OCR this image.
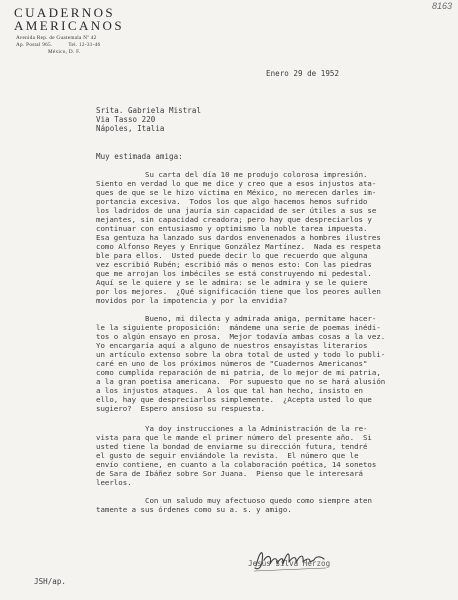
8163
CUADERNOS
AMERICANOS
Avenida Rep. de Guatemala Nº 42
Ap. Postal 965.	Tel. 12-31-46
México, D. F.
Enero 29 de 1952
Srita. Gabriela Mistral
Via Tasso 220
Nápoles, Italia
Muy estimada amiga:
Su carta del día 10 me produjo colorosa impresión.
Siento en verdad lo que me dice y creo que a esos injustos ata-
ques de que se le hizo víctima en México, no merecen darles im-
portancia excesiva.  Todos los que algo hacemos hemos sufrido
los ladridos de una jauría sin capacidad de ser útiles a sus se
mejantes, sin capacidad creadora; pero hay que despreciarlos y
continuar con entusiasmo y optimismo la noble tarea impuesta.
Esa gentuza ha lanzado sus dardos envenenados a hombres ilustres
como Alfonso Reyes y Enrique González Martínez.  Nada es respeta
ble para ellos.  Usted puede decir lo que recuerdo que alguna
vez escribió Rubén; escribió más o menos esto: Con las piedras
que me arrojan los imbéciles se está construyendo mi pedestal.
Aquí se le quiere y se le admira: se le admira y se le quiere
por los mejores.  ¿Qué significación tiene que los peores aullen
movidos por la impotencia y por la envidia?
Bueno, mi dilecta y admirada amiga, permítame hacer-
le la siguiente proposición:  mándeme una serie de poemas inédi-
tos o algún ensayo en prosa.  Mejor todavía ambas cosas a la vez.
Yo encargaría aquí a alguno de nuestros ensayistas literarios
un artículo extenso sobre la obra total de usted y todo lo publi-
caré en uno de los próximos números de "Cuadernos Americanos"
como cumplida reparación de mi patria, de lo mejor de mi patria,
a la gran poetisa americana.  Por supuesto que no se hará alusión
a los injustos ataques.  A los que tal han hecho, insisto en
ello, hay que despreciarlos simplemente.  ¿Acepta usted lo que
sugiero?  Espero ansioso su respuesta.
Ya doy instrucciones a la Administración de la re-
vista para que le mande el primer número del presente año.  Si
usted tiene la bondad de enviarme su dirección futura, tendré
el gusto de seguir enviándole la revista.  El número que le
envío contiene, en cuanto a la colaboración poética, 14 sonetos
de Sara de Ibáñez sobre Sor Juana.  Pienso que le interesará
leerlos.
Con un saludo muy afectuoso quedo como siempre aten
tamente a sus órdenes como su a. s. y amigo.
Jesús Silva Herzog
JSH/ap.
